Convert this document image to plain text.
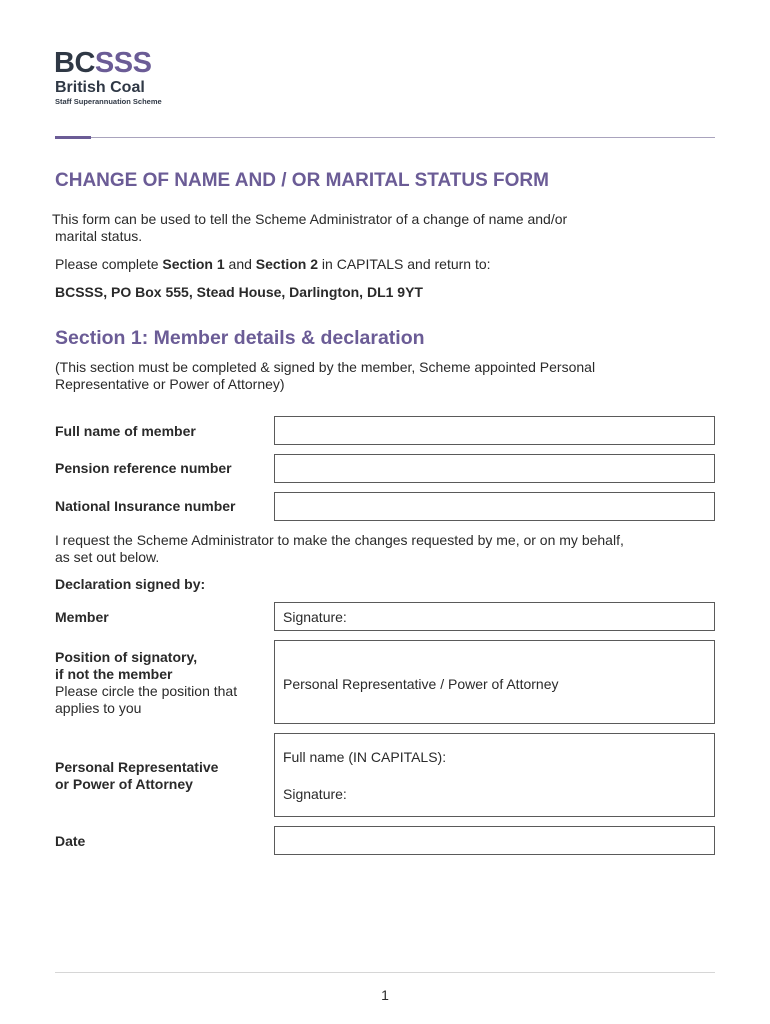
BCSSS
British Coal
Staff Superannuation Scheme
CHANGE OF NAME AND / OR MARITAL STATUS FORM
This form can be used to tell the Scheme Administrator of a change of name and/or
marital status.
Please complete Section 1 and Section 2 in CAPITALS and return to:
BCSSS, PO Box 555, Stead House, Darlington, DL1 9YT
Section 1: Member details & declaration
(This section must be completed & signed by the member, Scheme appointed Personal
Representative or Power of Attorney)
Full name of member
Pension reference number
National Insurance number
I request the Scheme Administrator to make the changes requested by me, or on my behalf,
as set out below.
Declaration signed by:
Member	Signature:
Position of signatory,
if not the member
Please circle the position that
applies to you
Personal Representative / Power of Attorney
Personal Representative
or Power of Attorney
Full name (IN CAPITALS):
Signature:
Date
1
